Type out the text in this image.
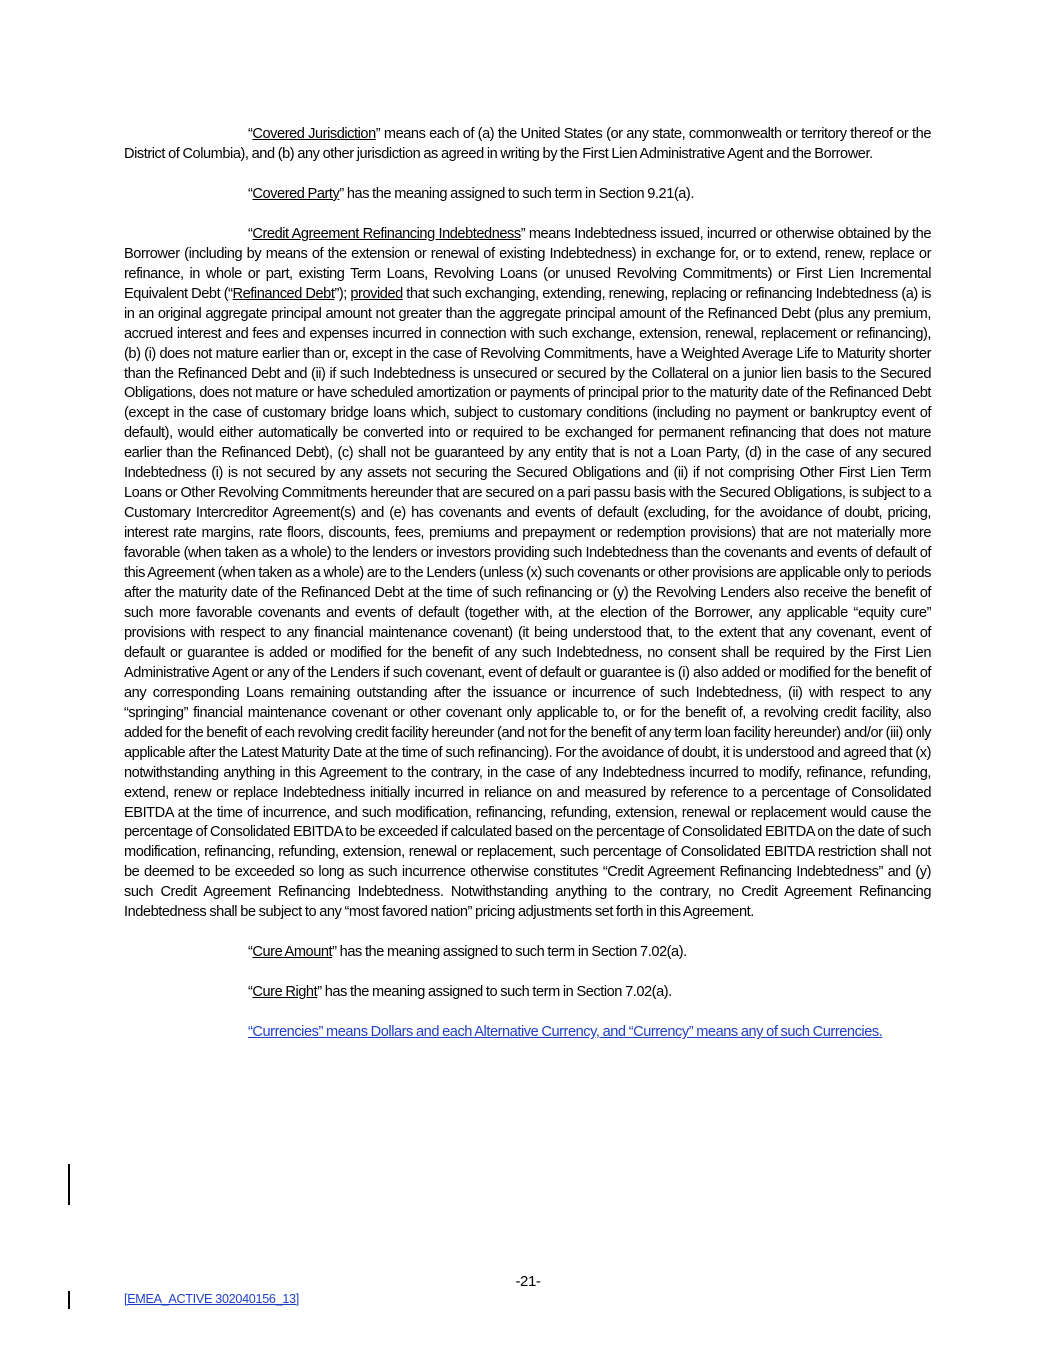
“Covered Jurisdiction” means each of (a) the United States (or any state, commonwealth or territory thereof or the District of Columbia), and (b) any other jurisdiction as agreed in writing by the First Lien Administrative Agent and the Borrower.

“Covered Party” has the meaning assigned to such term in Section 9.21(a).

“Credit Agreement Refinancing Indebtedness” means Indebtedness issued, incurred or otherwise obtained by the Borrower (including by means of the extension or renewal of existing Indebtedness) in exchange for, or to extend, renew, replace or refinance, in whole or part, existing Term Loans, Revolving Loans (or unused Revolving Commitments) or First Lien Incremental Equivalent Debt (“Refinanced Debt”); provided that such exchanging, extending, renewing, replacing or refinancing Indebtedness (a) is in an original aggregate principal amount not greater than the aggregate principal amount of the Refinanced Debt (plus any premium, accrued interest and fees and expenses incurred in connection with such exchange, extension, renewal, replacement or refinancing), (b) (i) does not mature earlier than or, except in the case of Revolving Commitments, have a Weighted Average Life to Maturity shorter than the Refinanced Debt and (ii) if such Indebtedness is unsecured or secured by the Collateral on a junior lien basis to the Secured Obligations, does not mature or have scheduled amortization or payments of principal prior to the maturity date of the Refinanced Debt (except in the case of customary bridge loans which, subject to customary conditions (including no payment or bankruptcy event of default), would either automatically be converted into or required to be exchanged for permanent refinancing that does not mature earlier than the Refinanced Debt), (c) shall not be guaranteed by any entity that is not a Loan Party, (d) in the case of any secured Indebtedness (i) is not secured by any assets not securing the Secured Obligations and (ii) if not comprising Other First Lien Term Loans or Other Revolving Commitments hereunder that are secured on a pari passu basis with the Secured Obligations, is subject to a Customary Intercreditor Agreement(s) and (e) has covenants and events of default (excluding, for the avoidance of doubt, pricing, interest rate margins, rate floors, discounts, fees, premiums and prepayment or redemption provisions) that are not materially more favorable (when taken as a whole) to the lenders or investors providing such Indebtedness than the covenants and events of default of this Agreement (when taken as a whole) are to the Lenders (unless (x) such covenants or other provisions are applicable only to periods after the maturity date of the Refinanced Debt at the time of such refinancing or (y) the Revolving Lenders also receive the benefit of such more favorable covenants and events of default (together with, at the election of the Borrower, any applicable “equity cure” provisions with respect to any financial maintenance covenant) (it being understood that, to the extent that any covenant, event of default or guarantee is added or modified for the benefit of any such Indebtedness, no consent shall be required by the First Lien Administrative Agent or any of the Lenders if such covenant, event of default or guarantee is (i) also added or modified for the benefit of any corresponding Loans remaining outstanding after the issuance or incurrence of such Indebtedness, (ii) with respect to any “springing” financial maintenance covenant or other covenant only applicable to, or for the benefit of, a revolving credit facility, also added for the benefit of each revolving credit facility hereunder (and not for the benefit of any term loan facility hereunder) and/or (iii) only applicable after the Latest Maturity Date at the time of such refinancing). For the avoidance of doubt, it is understood and agreed that (x) notwithstanding anything in this Agreement to the contrary, in the case of any Indebtedness incurred to modify, refinance, refunding, extend, renew or replace Indebtedness initially incurred in reliance on and measured by reference to a percentage of Consolidated EBITDA at the time of incurrence, and such modification, refinancing, refunding, extension, renewal or replacement would cause the percentage of Consolidated EBITDA to be exceeded if calculated based on the percentage of Consolidated EBITDA on the date of such modification, refinancing, refunding, extension, renewal or replacement, such percentage of Consolidated EBITDA restriction shall not be deemed to be exceeded so long as such incurrence otherwise constitutes “Credit Agreement Refinancing Indebtedness” and (y) such Credit Agreement Refinancing Indebtedness. Notwithstanding anything to the contrary, no Credit Agreement Refinancing Indebtedness shall be subject to any “most favored nation” pricing adjustments set forth in this Agreement.

“Cure Amount” has the meaning assigned to such term in Section 7.02(a).

“Cure Right” has the meaning assigned to such term in Section 7.02(a).

“Currencies” means Dollars and each Alternative Currency, and “Currency” means any of such Currencies.

-21-
[EMEA_ACTIVE 302040156_13]
